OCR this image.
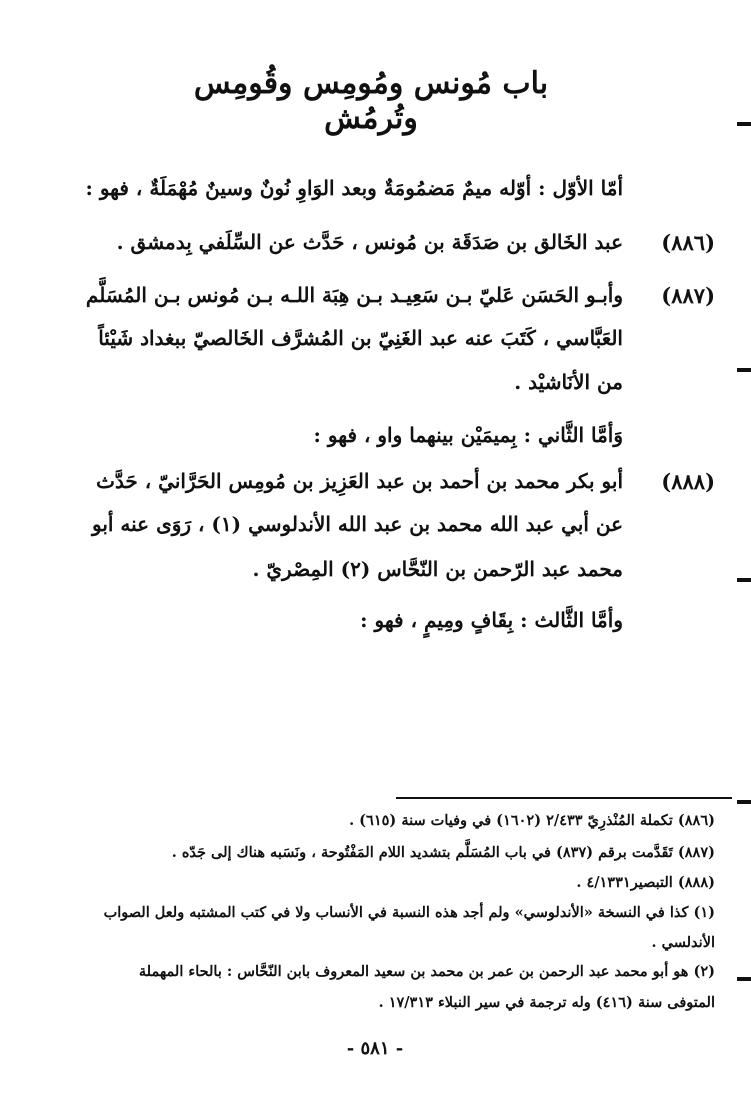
باب مُونس ومُومِس وقُومِس وتُرمُش
أمّا الأوّل : أوّله ميمٌ مَضمُومَةٌ وبعد الوَاوِ نُونٌ وسينٌ مُهْمَلَةٌ ، فهو :
(٨٨٦)
عبد الخَالق بن صَدَقَة بن مُونس ، حَدَّث عن السِّلَفي بِدمشق .
(٨٨٧)
وأبـو الحَسَن عَليّ بـن سَعِيـد بـن هِبَة اللـه بـن مُونس بـن المُسَلَّم
العَبَّاسي ، كَتَبَ عنه عبد الغَنِيّ بن المُشرَّف الخَالصيّ ببغداد شَيْئاً
من الأنَاشيْد .
وَأمَّا الثَّاني : بِميمَيْن بينهما واو ، فهو :
(٨٨٨)
أبو بكر محمد بن أحمد بن عبد العَزِيز بن مُومِس الحَرَّانيّ ، حَدَّث
عن أبي عبد الله محمد بن عبد الله الأندلوسي (١) ، رَوَى عنه أبو
محمد عبد الرّحمن بن النّحَّاس (٢) المِصْريّ .
وأمَّا الثَّالث : بِقَافٍ ومِيمٍ ، فهو :
(٨٨٦) تكملة المُنْذرِيّ ٢/٤٣٣ (١٦٠٢) في وفيات سنة (٦١٥) .
(٨٨٧) تَقَدَّمت برقم (٨٣٧) في باب المُسَلَّم بتشديد اللام المَفْتُوحة ، ونَسَبه هناك إلى جَدّه .
(٨٨٨) التبصير٤/١٣٣١ .
(١) كذا في النسخة «الأندلوسي» ولم أجد هذه النسبة في الأنساب ولا في كتب المشتبه ولعل الصواب
الأندلسي .
(٢) هو أبو محمد عبد الرحمن بن عمر بن محمد بن سعيد المعروف بابن النّحَّاس : بالحاء المهملة
المتوفى سنة (٤١٦) وله ترجمة في سير النبلاء ١٧/٣١٣ .
- ٥٨١ -
